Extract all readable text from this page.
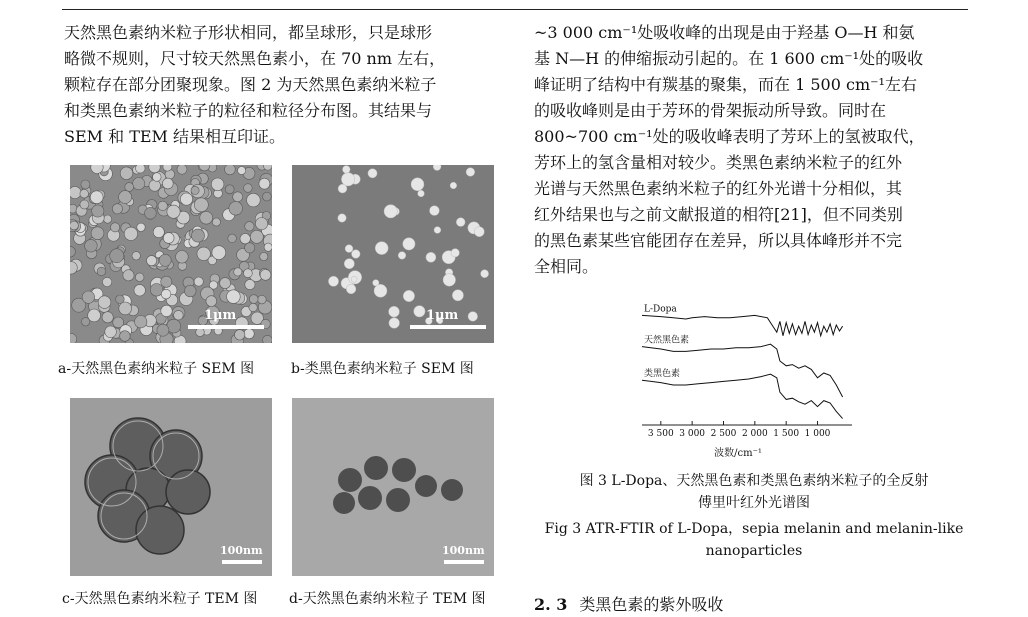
天然黑色素纳米粒子形状相同，都呈球形，只是球形
略微不规则，尺寸较天然黑色素小，在 70 nm 左右，
颗粒存在部分团聚现象。图 2 为天然黑色素纳米粒子
和类黑色素纳米粒子的粒径和粒径分布图。其结果与
SEM 和 TEM 结果相互印证。
~3 000 cm⁻¹处吸收峰的出现是由于羟基 O—H 和氨
基 N—H 的伸缩振动引起的。在 1 600 cm⁻¹处的吸收
峰证明了结构中有羰基的聚集，而在 1 500 cm⁻¹左右
的吸收峰则是由于芳环的骨架振动所导致。同时在
800~700 cm⁻¹处的吸收峰表明了芳环上的氢被取代，
芳环上的氢含量相对较少。类黑色素纳米粒子的红外
光谱与天然黑色素纳米粒子的红外光谱十分相似，其
红外结果也与之前文献报道的相符[21]，但不同类别
的黑色素某些官能团存在差异，所以具体峰形并不完
全相同。
1μm	1μm
100nm	100nm
a-天然黑色素纳米粒子 SEM 图	b-类黑色素纳米粒子 SEM 图
c-天然黑色素纳米粒子 TEM 图 d-天然黑色素纳米粒子 TEM 图
3 500 3 000 2 500 2 000 1 500 1 000
L-Dopa
天然黑色素
类黑色素
波数/cm⁻¹
图 3 L-Dopa、天然黑色素和类黑色素纳米粒子的全反射
傅里叶红外光谱图
Fig 3 ATR-FTIR of L-Dopa，sepia melanin and melanin-like
nanoparticles
2. 3 类黑色素的紫外吸收
